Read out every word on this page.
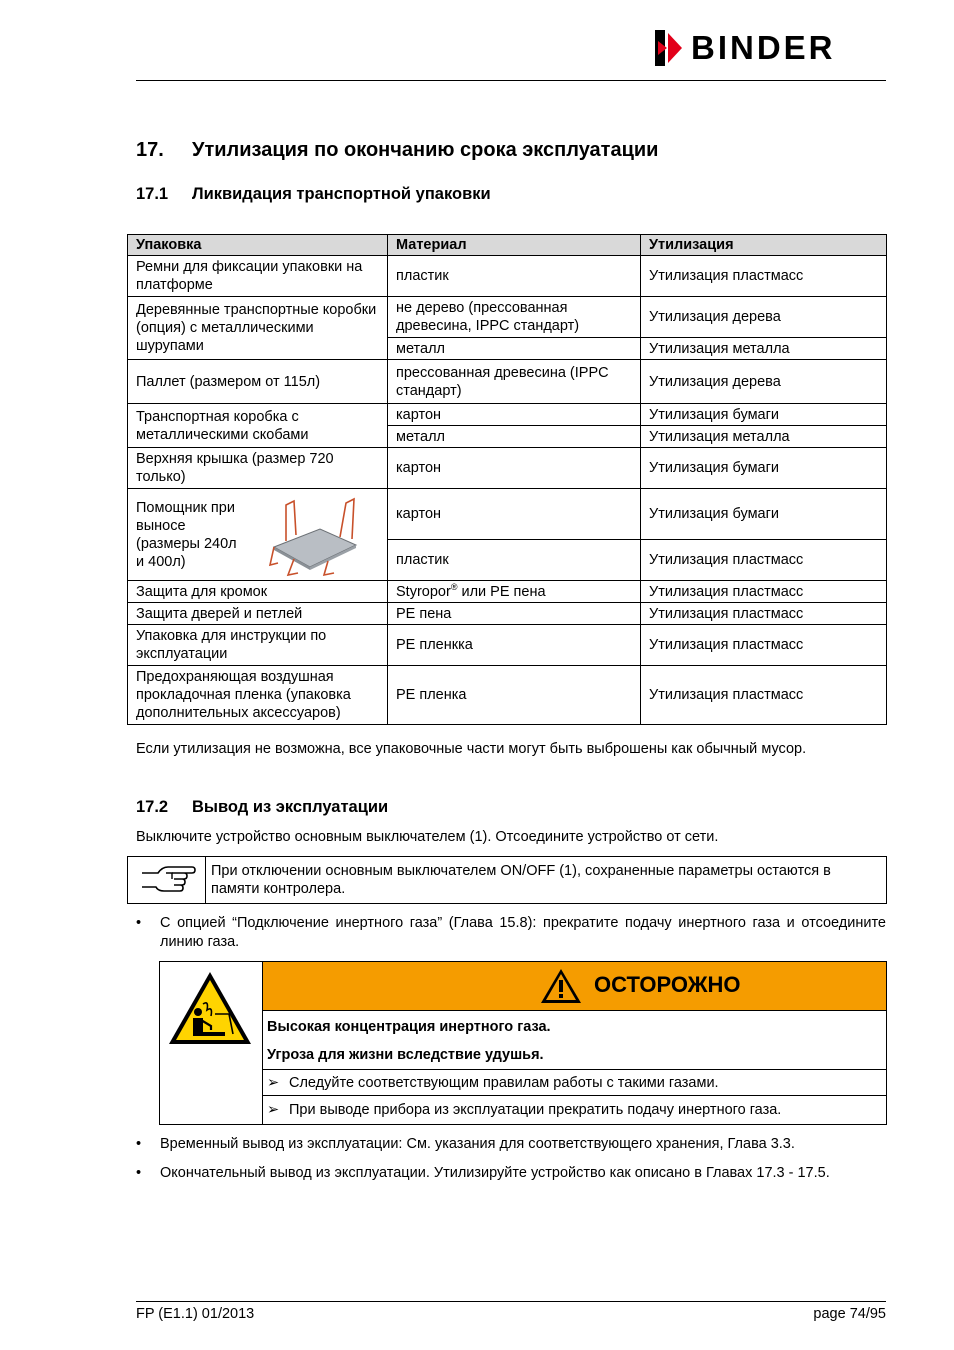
BINDER
17. Утилизация по окончанию срока эксплуатации
17.1 Ликвидация транспортной упаковки
Упаковка	Материал	Утилизация
Ремни для фиксации упаковки на платформе	пластик	Утилизация пластмасс
Деревянные транспортные коробки (опция) с металлическими шурупами	не дерево (прессованная древесина, IPPC стандарт)	Утилизация дерева
	металл	Утилизация металла
Паллет (размером от 115л)	прессованная древесина (IPPC стандарт)	Утилизация дерева
Транспортная коробка с металлическими скобами	картон	Утилизация бумаги
	металл	Утилизация металла
Верхняя крышка (размер 720 только)	картон	Утилизация бумаги

Помощник при выносе (размеры 240л и 400л)	картон	Утилизация бумаги
	пластик	Утилизация пластмасс
Защита для кромок	Styropor® или PE пена	Утилизация пластмасс
Защита дверей и петлей	PE пена	Утилизация пластмасс
Упаковка для инструкции по эксплуатации	PE пленкка	Утилизация пластмасс
Предохраняющая воздушная прокладочная пленка (упаковка дополнительных аксессуаров)	PE пленка	Утилизация пластмасс
Если утилизация не возможна, все упаковочные части могут быть выброшены как обычный мусор.
17.2 Вывод из эксплуатации
Выключите устройство основным выключателем (1). Отсоедините устройство от сети.
При отключении основным выключателем ON/OFF (1), сохраненные параметры остаются в памяти контролера.
• С опцией “Подключение инертного газа” (Глава 15.8): прекратите подачу инертного газа и отсоедините линию газа.
ОСТОРОЖНО
Высокая концентрация инертного газа.
Угроза для жизни вследствие удушья.
➢ Следуйте соответствующим правилам работы с такими газами.
➢ При выводе прибора из эксплуатации прекратить подачу инертного газа.
• Временный вывод из эксплуатации: См. указания для соответствующего хранения, Глава 3.3.
• Окончательный вывод из эксплуатации. Утилизируйте устройство как описано в Главах 17.3 - 17.5.
FP (E1.1) 01/2013	page 74/95
